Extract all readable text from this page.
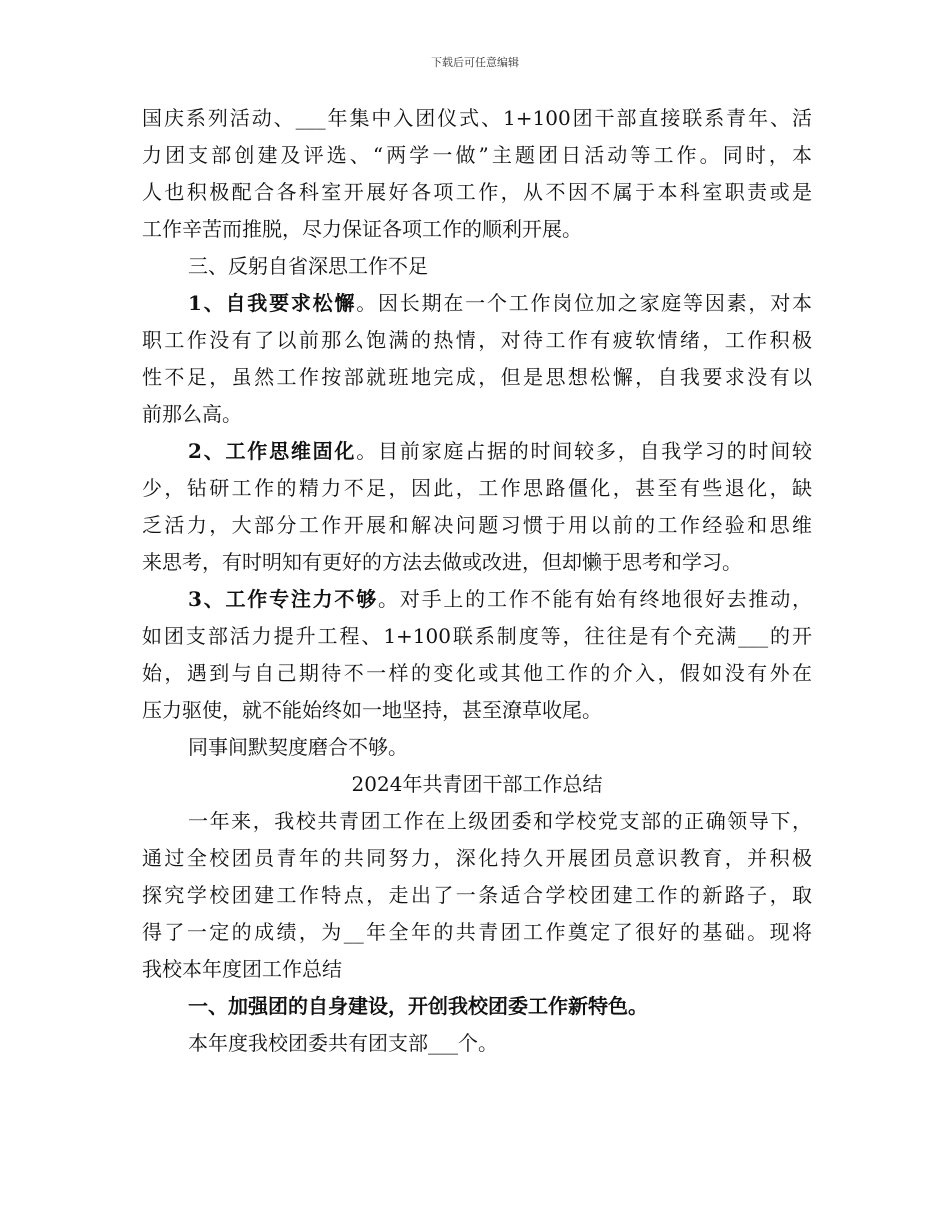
下载后可任意编辑
国庆系列活动、___年集中入团仪式、1+100团干部直接联系青年、活
力团支部创建及评选、“两学一做”主题团日活动等工作。同时，本
人也积极配合各科室开展好各项工作，从不因不属于本科室职责或是
工作辛苦而推脱，尽力保证各项工作的顺利开展。
三、反躬自省深思工作不足
1、自我要求松懈。因长期在一个工作岗位加之家庭等因素，对本
职工作没有了以前那么饱满的热情，对待工作有疲软情绪，工作积极
性不足，虽然工作按部就班地完成，但是思想松懈，自我要求没有以
前那么高。
2、工作思维固化。目前家庭占据的时间较多，自我学习的时间较
少，钻研工作的精力不足，因此，工作思路僵化，甚至有些退化，缺
乏活力，大部分工作开展和解决问题习惯于用以前的工作经验和思维
来思考，有时明知有更好的方法去做或改进，但却懒于思考和学习。
3、工作专注力不够。对手上的工作不能有始有终地很好去推动，
如团支部活力提升工程、1+100联系制度等，往往是有个充满___的开
始，遇到与自己期待不一样的变化或其他工作的介入，假如没有外在
压力驱使，就不能始终如一地坚持，甚至潦草收尾。
同事间默契度磨合不够。
2024年共青团干部工作总结
一年来，我校共青团工作在上级团委和学校党支部的正确领导下，
通过全校团员青年的共同努力，深化持久开展团员意识教育，并积极
探究学校团建工作特点，走出了一条适合学校团建工作的新路子，取
得了一定的成绩，为__年全年的共青团工作奠定了很好的基础。现将
我校本年度团工作总结
一、加强团的自身建设，开创我校团委工作新特色。
本年度我校团委共有团支部___个。
